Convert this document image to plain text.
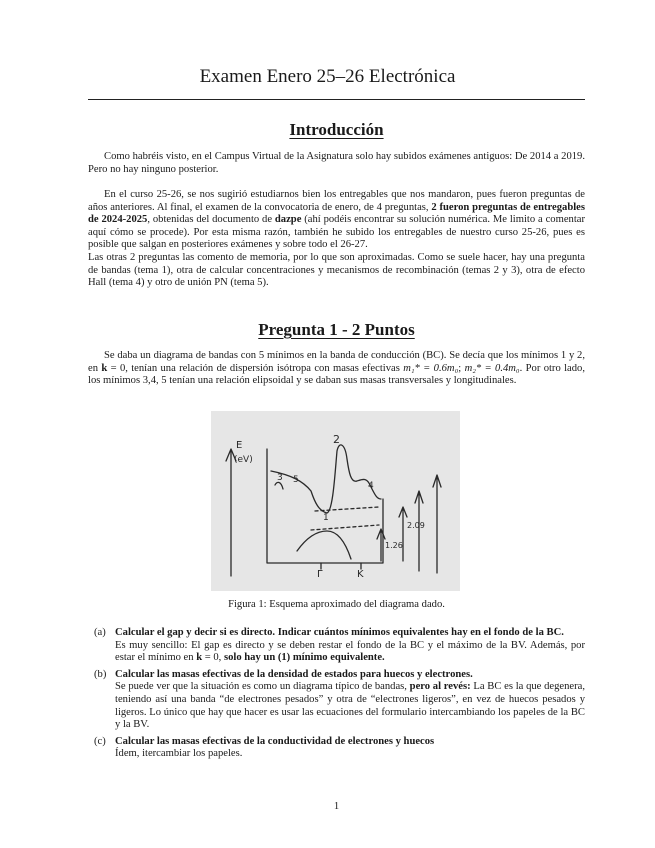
Examen Enero 25–26 Electrónica
Introducción

Como habréis visto, en el Campus Virtual de la Asignatura solo hay subidos exámenes antiguos: De 2014 a 2019. Pero no hay ninguno posterior.

En el curso 25-26, se nos sugirió estudiarnos bien los entregables que nos mandaron, pues fueron preguntas de años anteriores. Al final, el examen de la convocatoria de enero, de 4 preguntas, 2 fueron preguntas de entregables de 2024-2025, obtenidas del documento de dazpe (ahí podéis encontrar su solución numérica. Me limito a comentar aquí cómo se procede). Por esta misma razón, también he subido los entregables de nuestro curso 25-26, pues es posible que salgan en posteriores exámenes y sobre todo el 26-27.

Las otras 2 preguntas las comento de memoria, por lo que son aproximadas. Como se suele hacer, hay una pregunta de bandas (tema 1), otra de calcular concentraciones y mecanismos de recombinación (temas 2 y 3), otra de efecto Hall (tema 4) y otro de unión PN (tema 5).

Pregunta 1 - 2 Puntos

Se daba un diagrama de bandas con 5 mínimos en la banda de conducción (BC). Se decía que los mínimos 1 y 2, en k = 0, tenían una relación de dispersión isótropa con masas efectivas m₁* = 0.6m₀; m₂* = 0.4m₀. Por otro lado, los mínimos 3,4, 5 tenían una relación elipsoidal y se daban sus masas transversales y longitudinales.

E
(eV)
2
3 5
4
1
2.09
1.26
Γ	K
Figura 1: Esquema aproximado del diagrama dado.
(a) Calcular el gap y decir si es directo. Indicar cuántos mínimos equivalentes hay en el fondo de la BC.
Es muy sencillo: El gap es directo y se deben restar el fondo de la BC y el máximo de la BV. Además, por estar el mínimo en k = 0, solo hay un (1) mínimo equivalente.
(b) Calcular las masas efectivas de la densidad de estados para huecos y electrones.
Se puede ver que la situación es como un diagrama típico de bandas, pero al revés: La BC es la que degenera, teniendo así una banda “de electrones pesados” y otra de “electrones ligeros”, en vez de huecos pesados y ligeros. Lo único que hay que hacer es usar las ecuaciones del formulario intercambiando los papeles de la BC y la BV.
(c) Calcular las masas efectivas de la conductividad de electrones y huecos
Ídem, itercambiar los papeles.
1
